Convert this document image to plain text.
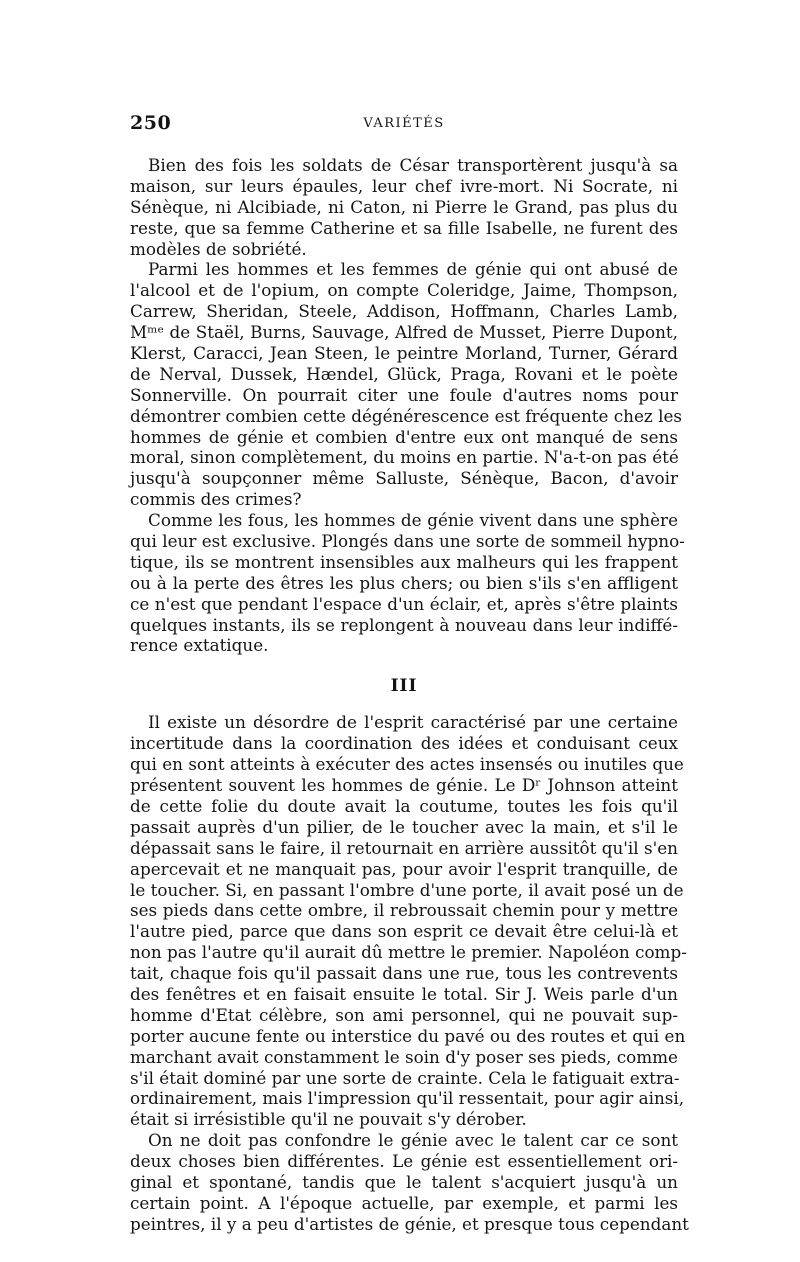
250	VARIÉTÉS
Bien des fois les soldats de César transportèrent jusqu'à sa
maison, sur leurs épaules, leur chef ivre-mort. Ni Socrate, ni
Sénèque, ni Alcibiade, ni Caton, ni Pierre le Grand, pas plus du
reste, que sa femme Catherine et sa fille Isabelle, ne furent des
modèles de sobriété.
Parmi les hommes et les femmes de génie qui ont abusé de
l'alcool et de l'opium, on compte Coleridge, Jaime, Thompson,
Carrew, Sheridan, Steele, Addison, Hoffmann, Charles Lamb,
Mᵐᵉ de Staël, Burns, Sauvage, Alfred de Musset, Pierre Dupont,
Klerst, Caracci, Jean Steen, le peintre Morland, Turner, Gérard
de Nerval, Dussek, Hændel, Glück, Praga, Rovani et le poète
Sonnerville. On pourrait citer une foule d'autres noms pour
démontrer combien cette dégénérescence est fréquente chez les
hommes de génie et combien d'entre eux ont manqué de sens
moral, sinon complètement, du moins en partie. N'a-t-on pas été
jusqu'à soupçonner même Salluste, Sénèque, Bacon, d'avoir
commis des crimes?
Comme les fous, les hommes de génie vivent dans une sphère
qui leur est exclusive. Plongés dans une sorte de sommeil hypno-
tique, ils se montrent insensibles aux malheurs qui les frappent
ou à la perte des êtres les plus chers; ou bien s'ils s'en affligent
ce n'est que pendant l'espace d'un éclair, et, après s'être plaints
quelques instants, ils se replongent à nouveau dans leur indiffé-
rence extatique.
III
Il existe un désordre de l'esprit caractérisé par une certaine
incertitude dans la coordination des idées et conduisant ceux
qui en sont atteints à exécuter des actes insensés ou inutiles que
présentent souvent les hommes de génie. Le Dʳ Johnson atteint
de cette folie du doute avait la coutume, toutes les fois qu'il
passait auprès d'un pilier, de le toucher avec la main, et s'il le
dépassait sans le faire, il retournait en arrière aussitôt qu'il s'en
apercevait et ne manquait pas, pour avoir l'esprit tranquille, de
le toucher. Si, en passant l'ombre d'une porte, il avait posé un de
ses pieds dans cette ombre, il rebroussait chemin pour y mettre
l'autre pied, parce que dans son esprit ce devait être celui-là et
non pas l'autre qu'il aurait dû mettre le premier. Napoléon comp-
tait, chaque fois qu'il passait dans une rue, tous les contrevents
des fenêtres et en faisait ensuite le total. Sir J. Weis parle d'un
homme d'Etat célèbre, son ami personnel, qui ne pouvait sup-
porter aucune fente ou interstice du pavé ou des routes et qui en
marchant avait constamment le soin d'y poser ses pieds, comme
s'il était dominé par une sorte de crainte. Cela le fatiguait extra-
ordinairement, mais l'impression qu'il ressentait, pour agir ainsi,
était si irrésistible qu'il ne pouvait s'y dérober.
On ne doit pas confondre le génie avec le talent car ce sont
deux choses bien différentes. Le génie est essentiellement ori-
ginal et spontané, tandis que le talent s'acquiert jusqu'à un
certain point. A l'époque actuelle, par exemple, et parmi les
peintres, il y a peu d'artistes de génie, et presque tous cependant
